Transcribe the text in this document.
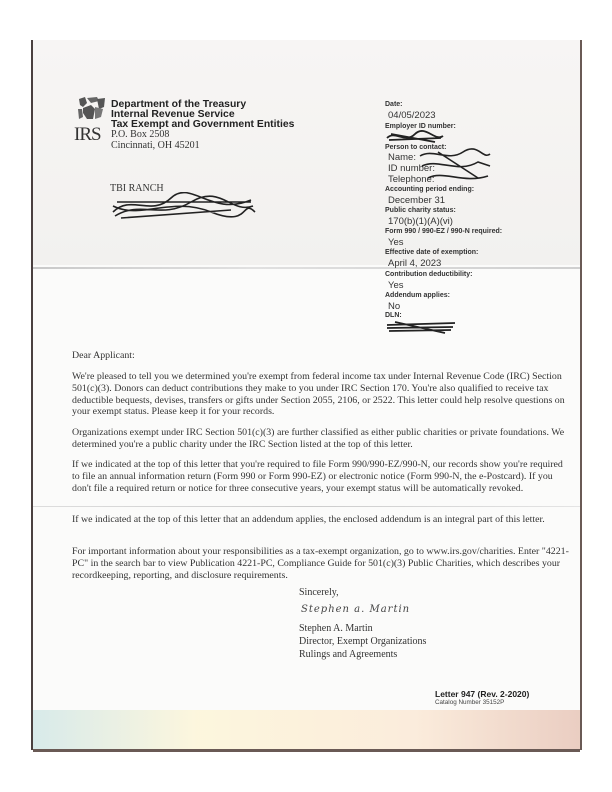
IRS
Department of the Treasury
Internal Revenue Service
Tax Exempt and Government Entities
P.O. Box 2508
Cincinnati, OH 45201
TBI RANCH
Date:
04/05/2023
Employer ID number:
Person to contact:
Name:
ID number:
Telephone:
Accounting period ending:
December 31
Public charity status:
170(b)(1)(A)(vi)
Form 990 / 990-EZ / 990-N required:
Yes
Effective date of exemption:
April 4, 2023
Contribution deductibility:
Yes
Addendum applies:
No
DLN:
Dear Applicant:
We're pleased to tell you we determined you're exempt from federal income tax under Internal Revenue Code (IRC) Section 501(c)(3). Donors can deduct contributions they make to you under IRC Section 170. You're also qualified to receive tax deductible bequests, devises, transfers or gifts under Section 2055, 2106, or 2522. This letter could help resolve questions on your exempt status. Please keep it for your records.
Organizations exempt under IRC Section 501(c)(3) are further classified as either public charities or private foundations. We determined you're a public charity under the IRC Section listed at the top of this letter.
If we indicated at the top of this letter that you're required to file Form 990/990-EZ/990-N, our records show you're required to file an annual information return (Form 990 or Form 990-EZ) or electronic notice (Form 990-N, the e-Postcard). If you don't file a required return or notice for three consecutive years, your exempt status will be automatically revoked.
If we indicated at the top of this letter that an addendum applies, the enclosed addendum is an integral part of this letter.
For important information about your responsibilities as a tax-exempt organization, go to www.irs.gov/charities. Enter "4221-PC" in the search bar to view Publication 4221-PC, Compliance Guide for 501(c)(3) Public Charities, which describes your recordkeeping, reporting, and disclosure requirements.
Sincerely,
Stephen a. Martin
Stephen A. Martin
Director, Exempt Organizations
Rulings and Agreements
Letter 947 (Rev. 2-2020)
Catalog Number 35152P
